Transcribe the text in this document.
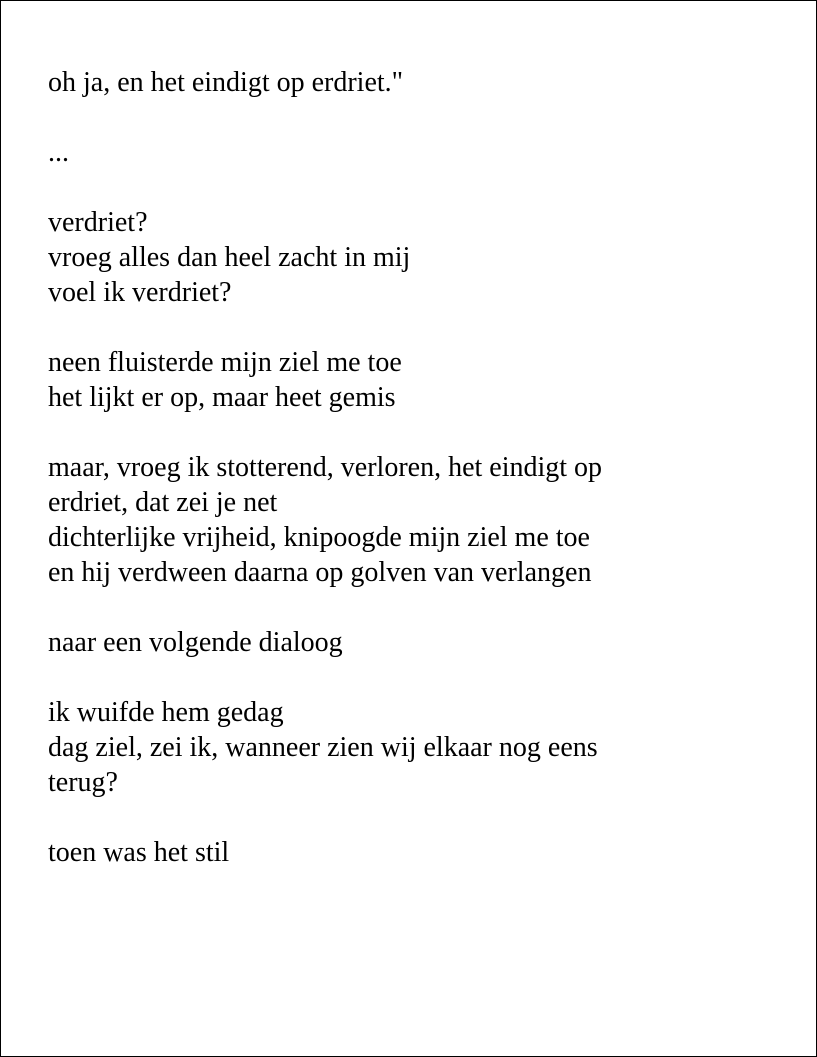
oh ja, en het eindigt op erdriet."
...
verdriet?
vroeg alles dan heel zacht in mij
voel ik verdriet?
neen fluisterde mijn ziel me toe
het lijkt er op, maar heet gemis
maar, vroeg ik stotterend, verloren, het eindigt op
erdriet, dat zei je net
dichterlijke vrijheid, knipoogde mijn ziel me toe
en hij verdween daarna op golven van verlangen
naar een volgende dialoog
ik wuifde hem gedag
dag ziel, zei ik, wanneer zien wij elkaar nog eens
terug?
toen was het stil
